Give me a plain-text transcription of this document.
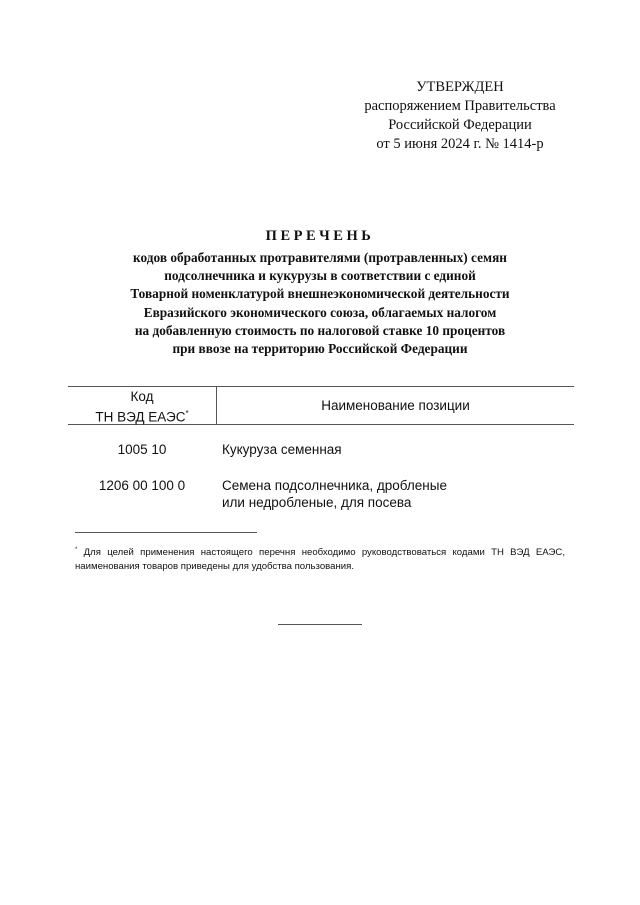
УТВЕРЖДЕН
распоряжением Правительства
Российской Федерации
от 5 июня 2024 г. № 1414-р
ПЕРЕЧЕНЬ
кодов обработанных протравителями (протравленных) семян
подсолнечника и кукурузы в соответствии с единой
Товарной номенклатурой внешнеэкономической деятельности
Евразийского экономического союза, облагаемых налогом
на добавленную стоимость по налоговой ставке 10 процентов
при ввозе на территорию Российской Федерации
Код
ТН ВЭД ЕАЭС*
Наименование позиции
1005 10	Кукуруза семенная
1206 00 100 0	Семена подсолнечника, дробленые
или недробленые, для посева
* Для целей применения настоящего перечня необходимо руководствоваться кодами ТН ВЭД ЕАЭС, наименования товаров приведены для удобства пользования.
